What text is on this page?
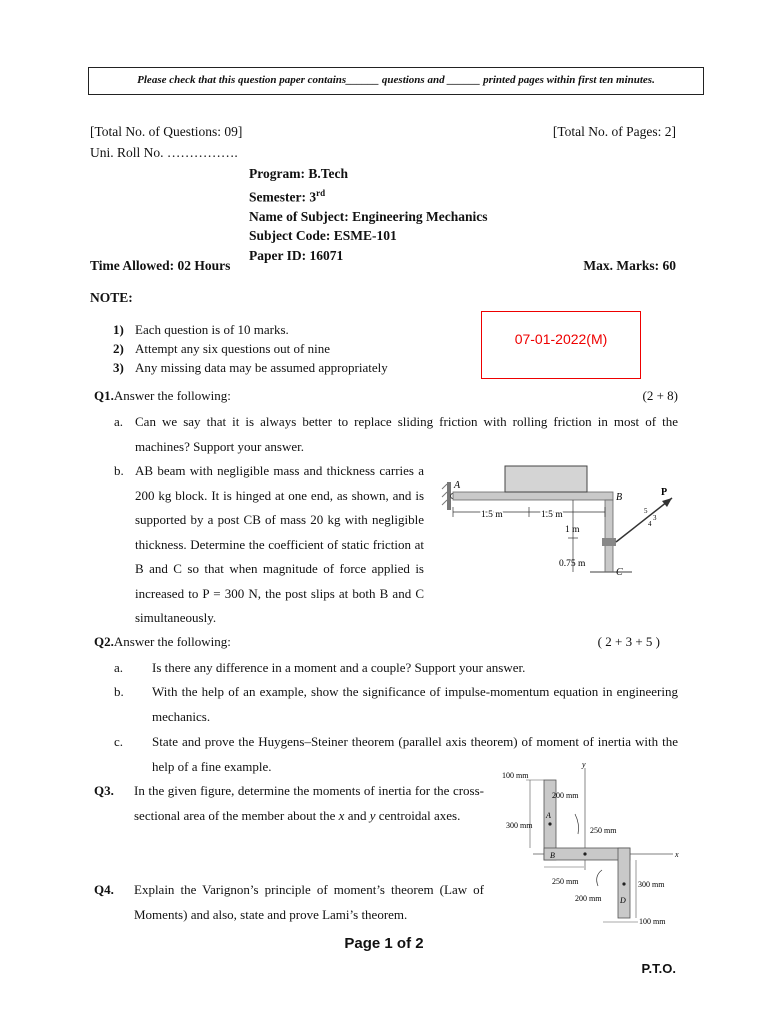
Please check that this question paper contains______ questions and ______ printed pages within first ten minutes.
[Total No. of Questions: 09]	[Total No. of Pages: 2]
Uni. Roll No. …………….
Program: B.Tech
Semester: 3rd
Name of Subject: Engineering Mechanics
Subject Code: ESME-101
Paper ID: 16071
Time Allowed: 02 Hours	Max. Marks: 60
NOTE:
1) Each question is of 10 marks.
2) Attempt any six questions out of nine
3) Any missing data may be assumed appropriately
07-01-2022(M)
Q1.Answer the following:	(2 + 8)
a. Can we say that it is always better to replace sliding friction with rolling friction in most of the machines? Support your answer.
b. AB beam with negligible mass and thickness carries a 200 kg block. It is hinged at one end, as shown, and is supported by a post CB of mass 20 kg with negligible thickness. Determine the coefficient of static friction at B and C so that when magnitude of force applied is increased to P = 300 N, the post slips at both B and C simultaneously.
A
B
C
P
1.5 m	1.5 m
1 m
0.75 m
5
3
4
Q2.Answer the following:	( 2 + 3 + 5 )
a. Is there any difference in a moment and a couple? Support your answer.
b. With the help of an example, show the significance of impulse-momentum equation in engineering mechanics.
c. State and prove the Huygens–Steiner theorem (parallel axis theorem) of moment of inertia with the help of a fine example.
Q3. In the given figure, determine the moments of inertia for the cross-sectional area of the member about the x and y centroidal axes.
Q4. Explain the Varignon’s principle of moment’s theorem (Law of Moments) and also, state and prove Lami’s theorem.
100 mm
200 mm
300 mm
250 mm
250 mm	300 mm
200 mm
100 mm
A
B
D
x
y
Page 1 of 2
P.T.O.
